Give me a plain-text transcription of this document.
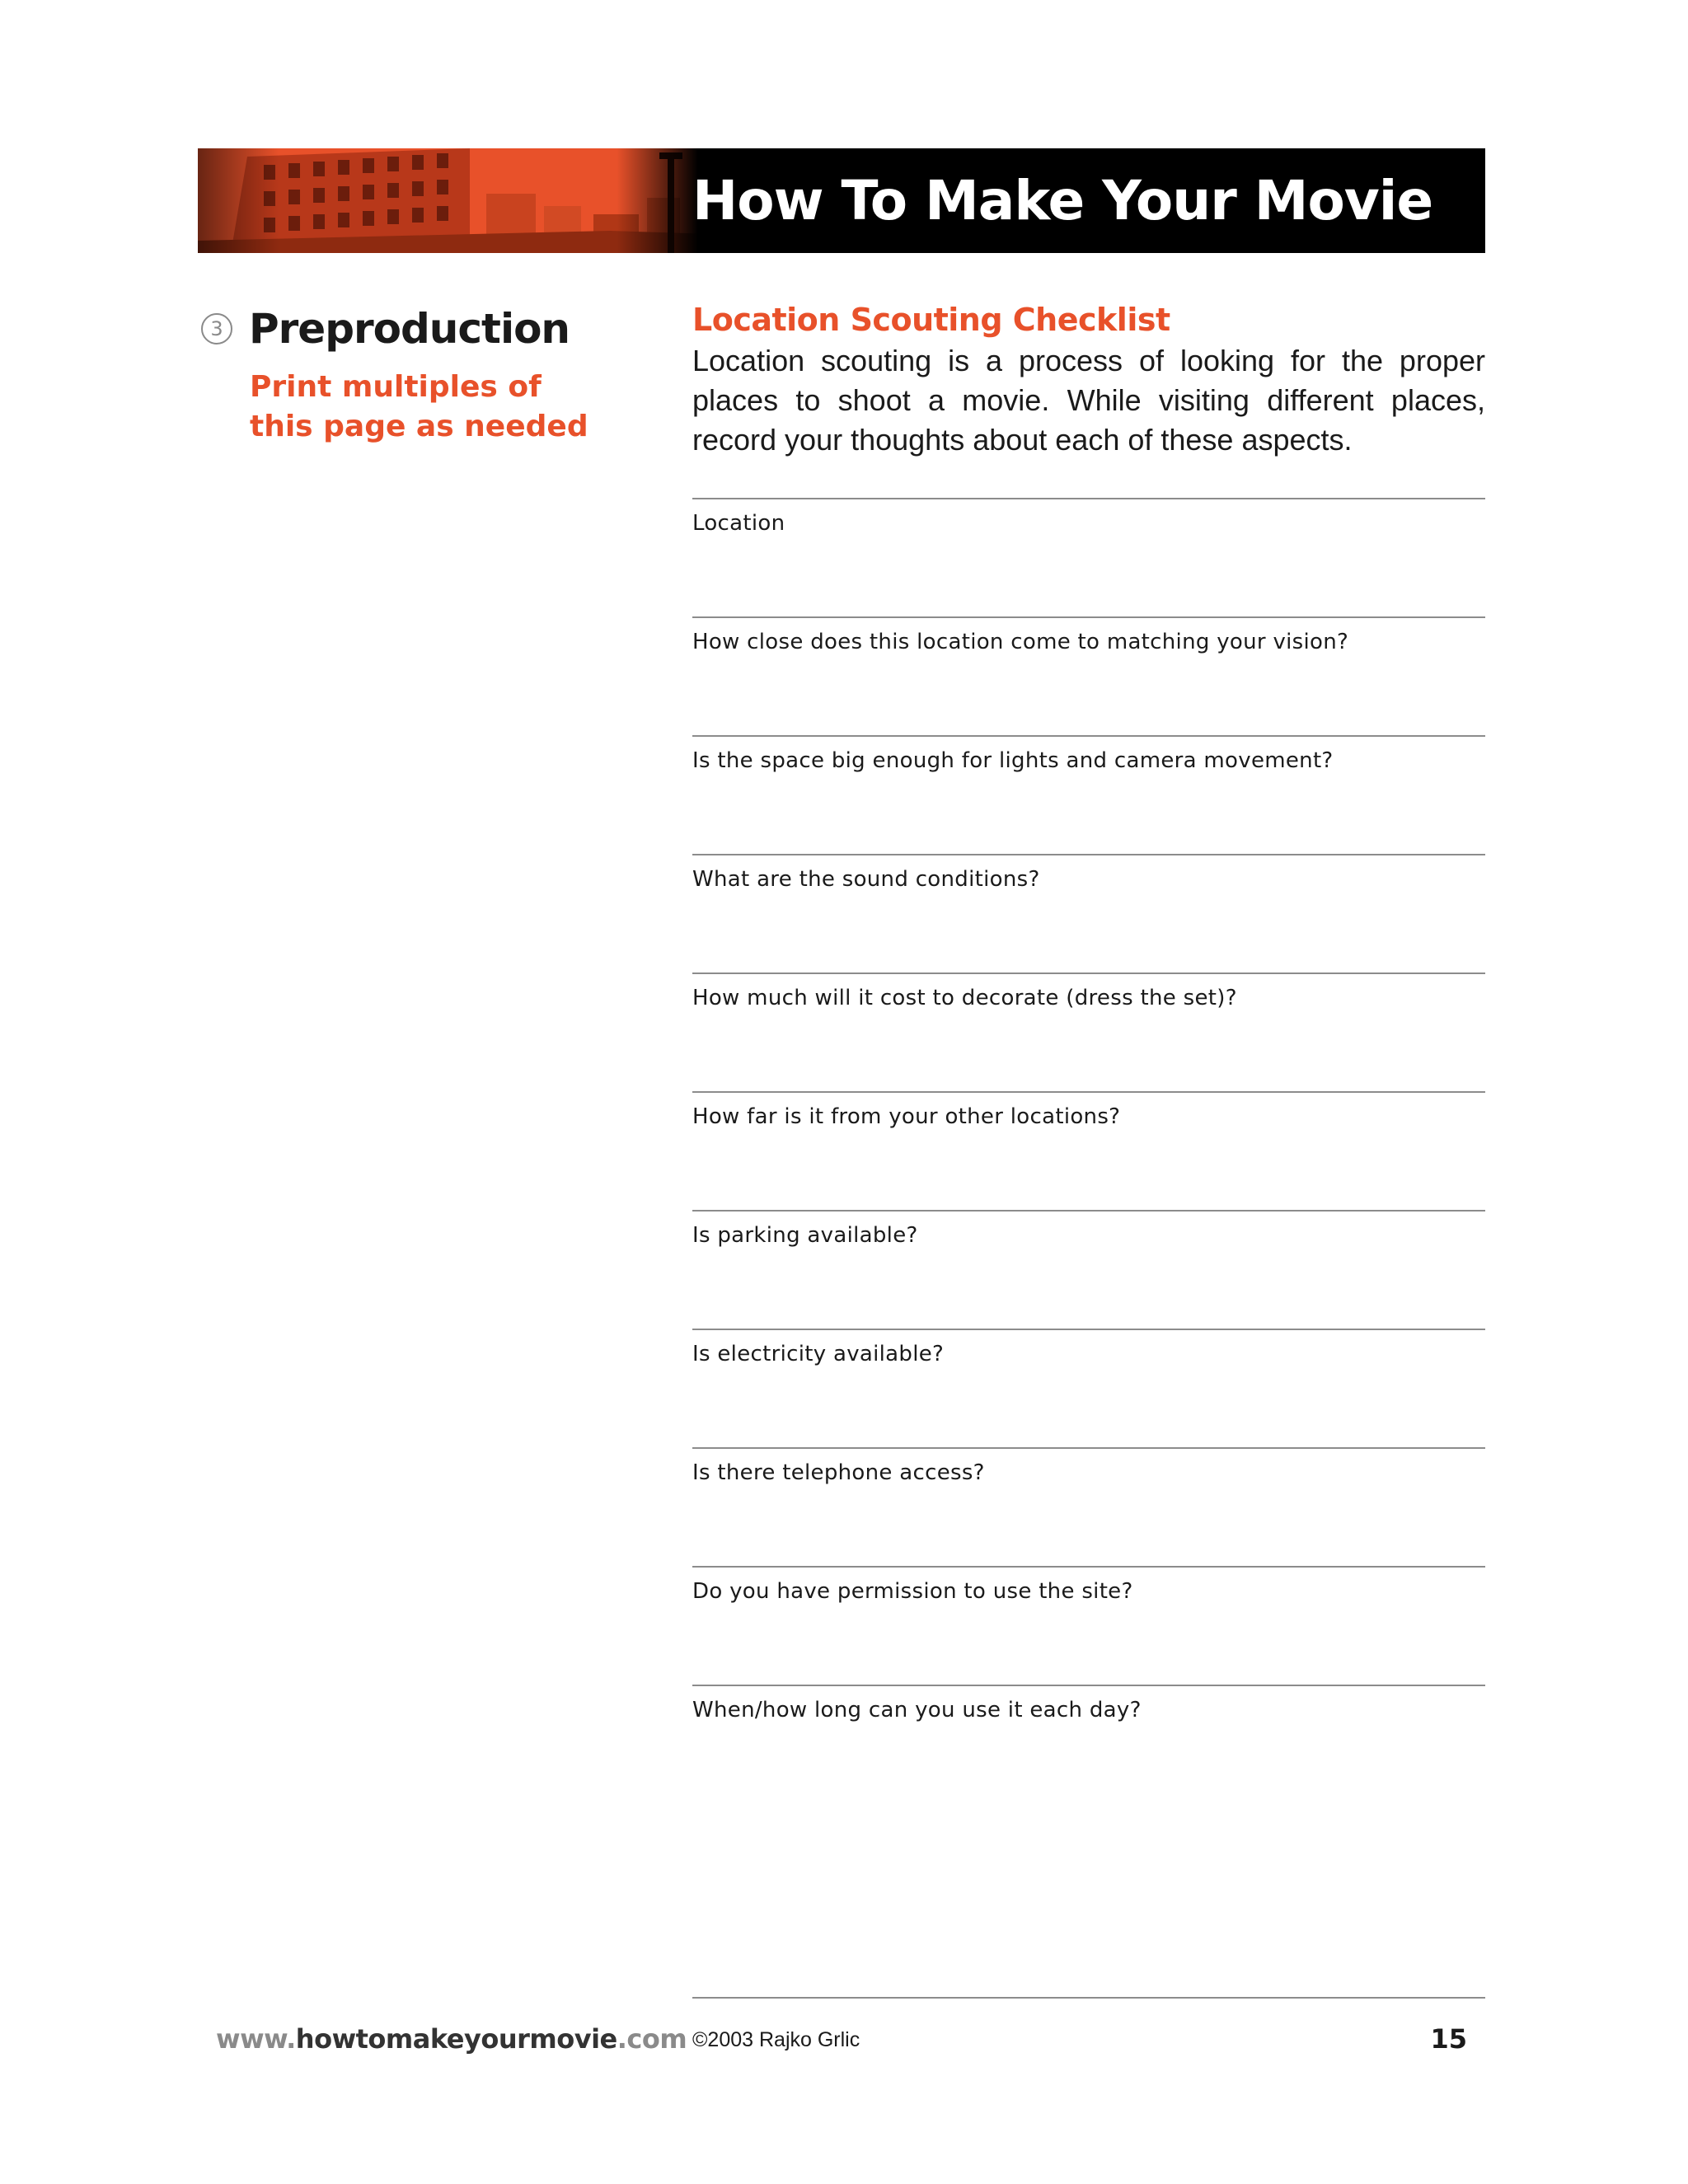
How To Make Your Movie
3 Preproduction
Print multiples of
this page as needed
Location Scouting Checklist
Location scouting is a process of looking for the proper places to shoot a movie. While visiting different places, record your thoughts about each of these aspects.
Location
How close does this location come to matching your vision?
Is the space big enough for lights and camera movement?
What are the sound conditions?
How much will it cost to decorate (dress the set)?
How far is it from your other locations?
Is parking available?
Is electricity available?
Is there telephone access?
Do you have permission to use the site?
When/how long can you use it each day?
www.howtomakeyourmovie.com ©2003 Rajko Grlic	15
